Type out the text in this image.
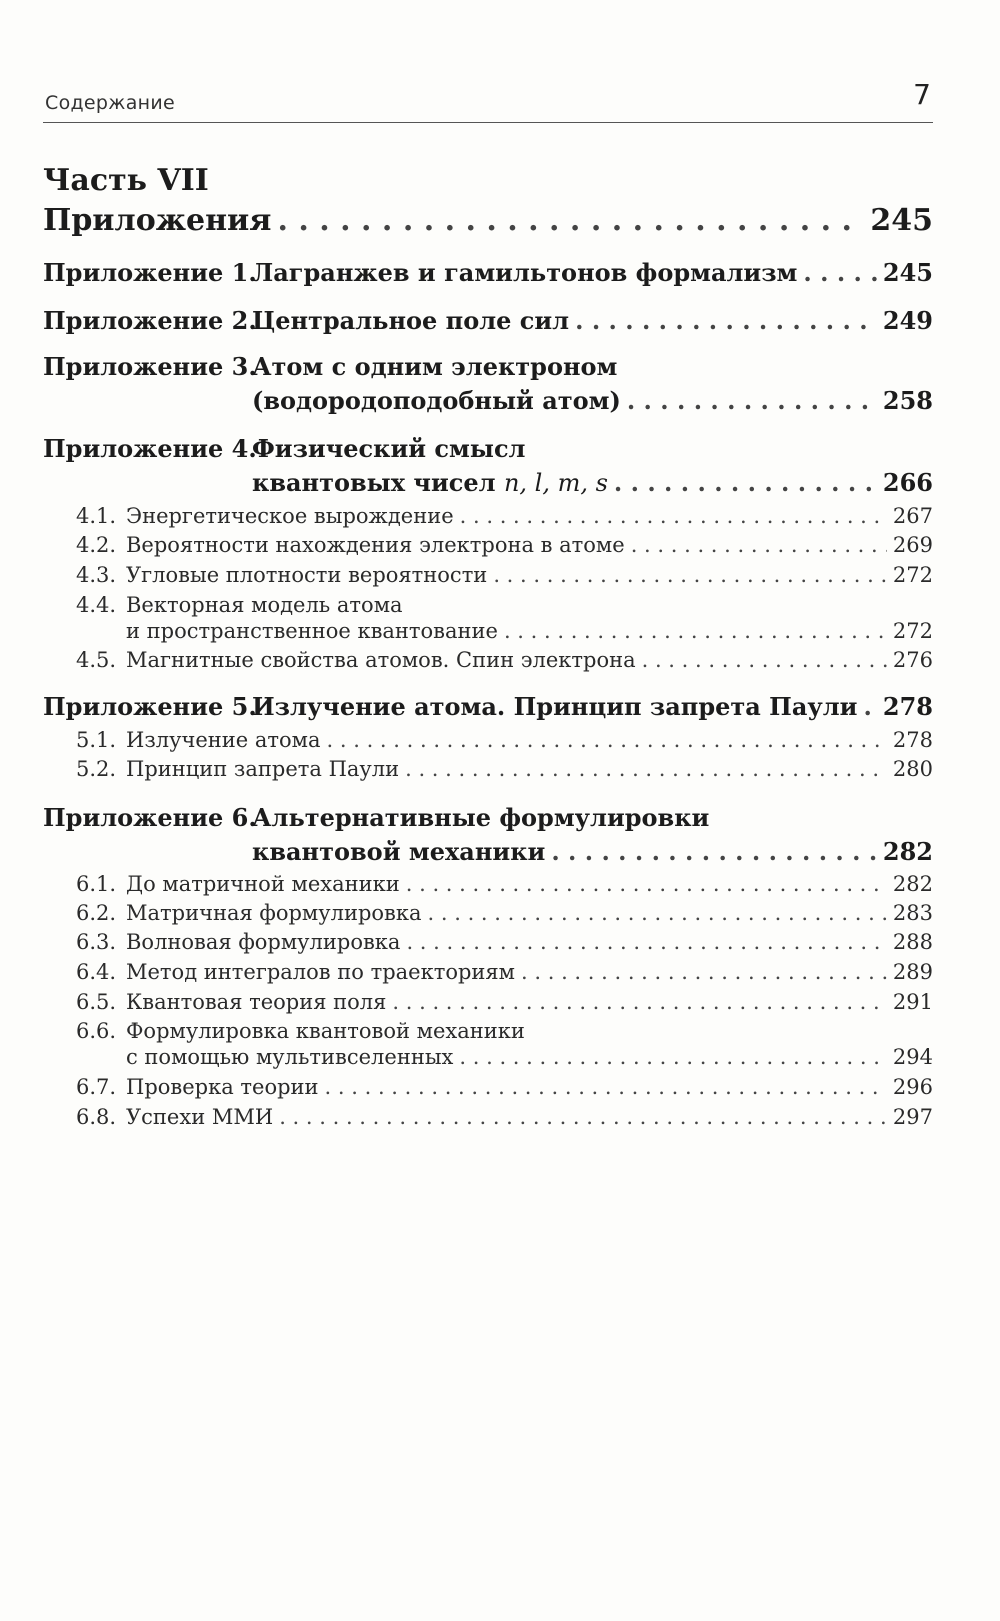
Содержание	7
Часть VII
Приложения . . .	245
Приложение 1.Лагранжев и гамильтонов формализм . . .	245
Приложение 2.Центральное поле сил . . .	249
Приложение 3.Атом с одним электроном
(водородоподобный атом) . . .	258
Приложение 4.Физический смысл
квантовых чисел n, l, m, s . . .	266
4.1. Энергетическое вырождение . . .	267
4.2. Вероятности нахождения электрона в атоме . . .	269
4.3. Угловые плотности вероятности . . .	272
4.4. Векторная модель атома
и пространственное квантование . . .	272
4.5. Магнитные свойства атомов. Спин электрона . . .	276
Приложение 5.Излучение атома. Принцип запрета Паули . . . 278
5.1. Излучение атома . . .	278
5.2. Принцип запрета Паули . . .	280
Приложение 6.Альтернативные формулировки
квантовой механики . . .	282
6.1. До матричной механики . . .	282
6.2. Матричная формулировка . . .	283
6.3. Волновая формулировка . . .	288
6.4. Метод интегралов по траекториям . . .	289
6.5. Квантовая теория поля . . .	291
6.6. Формулировка квантовой механики
с помощью мультивселенных . . .	294
6.7. Проверка теории . . .	296
6.8. Успехи ММИ . . .	297
